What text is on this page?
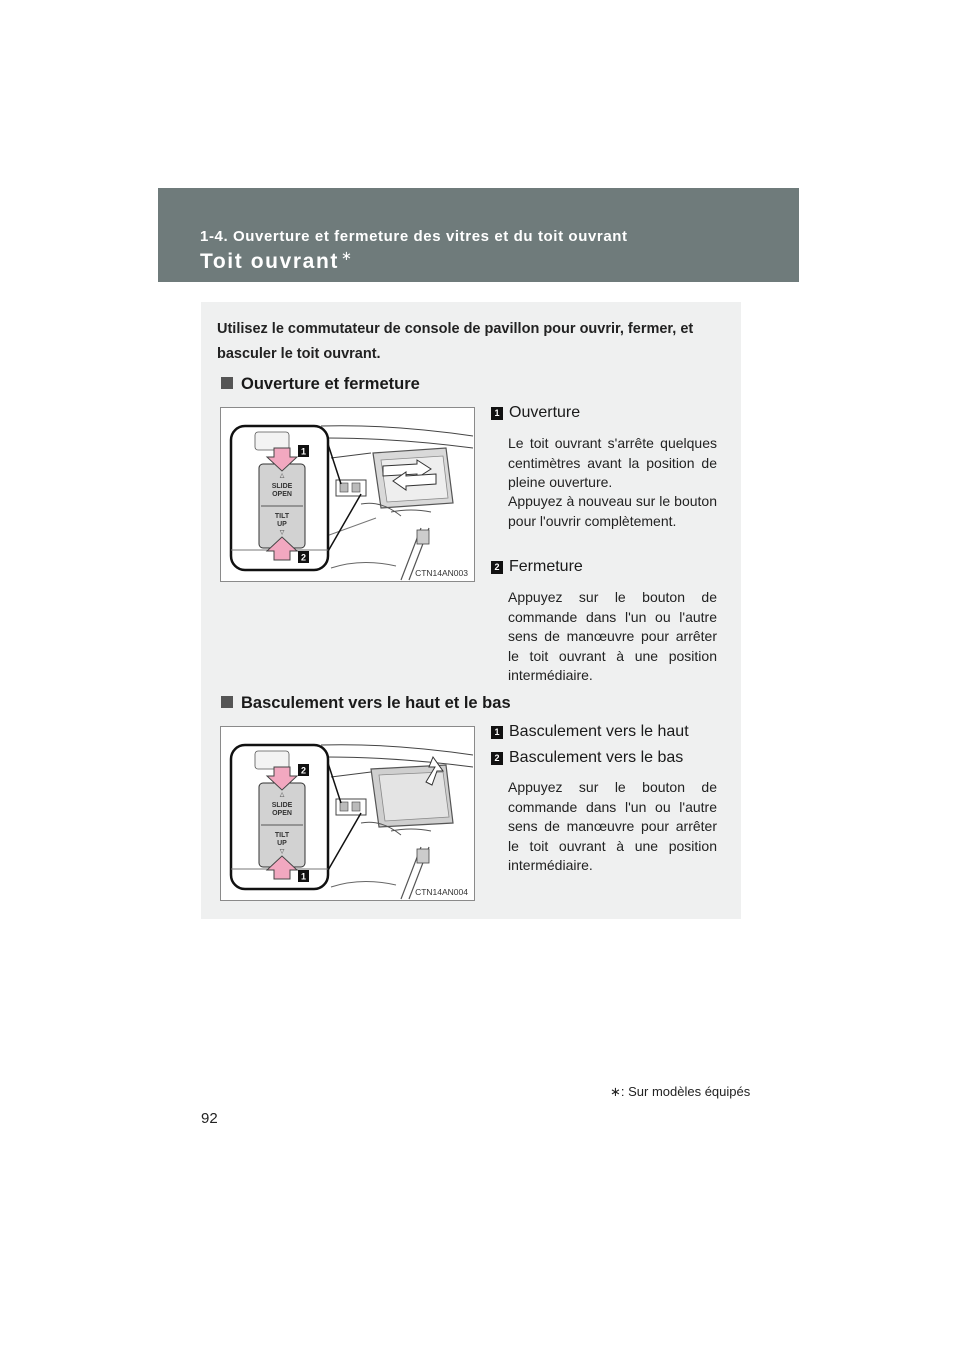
1-4. Ouverture et fermeture des vitres et du toit ouvrant
Toit ouvrant ∗
Utilisez le commutateur de console de pavillon pour ouvrir, fermer, et basculer le toit ouvrant.
Ouverture et fermeture
△
SLIDE
OPEN
TILT
UP
▽
1
2
CTN14AN003
1 Ouverture
Le toit ouvrant s'arrête quelques centimètres avant la position de pleine ouverture.
Appuyez à nouveau sur le bouton pour l'ouvrir complètement.
2 Fermeture
Appuyez sur le bouton de commande dans l'un ou l'autre sens de manœuvre pour arrêter le toit ouvrant à une position intermédiaire.
Basculement vers le haut et le bas
△
SLIDE
OPEN
TILT
UP
▽
2
1
CTN14AN004
1 Basculement vers le haut
2 Basculement vers le bas
Appuyez sur le bouton de commande dans l'un ou l'autre sens de manœuvre pour arrêter le toit ouvrant à une position intermédiaire.
∗: Sur modèles équipés
92
